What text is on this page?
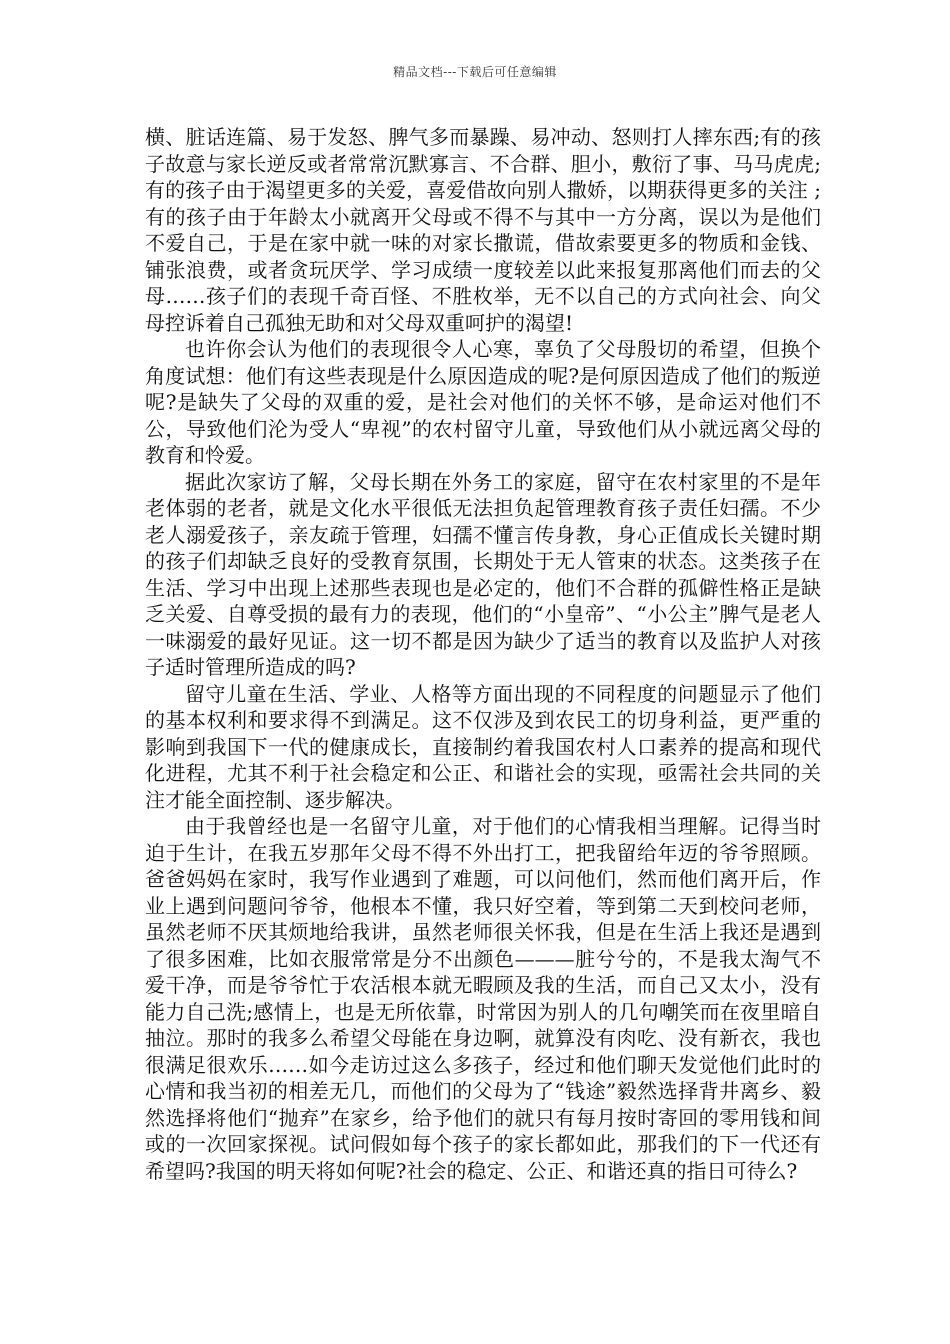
精品文档---下载后可任意编辑

横、脏话连篇、易于发怒、脾气多而暴躁、易冲动、怒则打人摔东西;有的孩子故意与家长逆反或者常常沉默寡言、不合群、胆小，敷衍了事、马马虎虎;有的孩子由于渴望更多的关爱，喜爱借故向别人撒娇，以期获得更多的关注 ;有的孩子由于年龄太小就离开父母或不得不与其中一方分离，误以为是他们不爱自己，于是在家中就一味的对家长撒谎，借故索要更多的物质和金钱、铺张浪费，或者贪玩厌学、学习成绩一度较差以此来报复那离他们而去的父母……孩子们的表现千奇百怪、不胜枚举，无不以自己的方式向社会、向父母控诉着自己孤独无助和对父母双重呵护的渴望!

也许你会认为他们的表现很令人心寒，辜负了父母殷切的希望，但换个角度试想：他们有这些表现是什么原因造成的呢?是何原因造成了他们的叛逆呢?是缺失了父母的双重的爱，是社会对他们的关怀不够，是命运对他们不公，导致他们沦为受人“卑视”的农村留守儿童，导致他们从小就远离父母的教育和怜爱。

据此次家访了解，父母长期在外务工的家庭，留守在农村家里的不是年老体弱的老者，就是文化水平很低无法担负起管理教育孩子责任妇孺。不少老人溺爱孩子，亲友疏于管理，妇孺不懂言传身教，身心正值成长关键时期的孩子们却缺乏良好的受教育氛围，长期处于无人管束的状态。这类孩子在生活、学习中出现上述那些表现也是必定的，他们不合群的孤僻性格正是缺乏关爱、自尊受损的最有力的表现，他们的“小皇帝”、“小公主”脾气是老人一味溺爱的最好见证。这一切不都是因为缺少了适当的教育以及监护人对孩子适时管理所造成的吗?

留守儿童在生活、学业、人格等方面出现的不同程度的问题显示了他们的基本权利和要求得不到满足。这不仅涉及到农民工的切身利益，更严重的影响到我国下一代的健康成长，直接制约着我国农村人口素养的提高和现代化进程，尤其不利于社会稳定和公正、和谐社会的实现，亟需社会共同的关注才能全面控制、逐步解决。

由于我曾经也是一名留守儿童，对于他们的心情我相当理解。记得当时迫于生计，在我五岁那年父母不得不外出打工，把我留给年迈的爷爷照顾。爸爸妈妈在家时，我写作业遇到了难题，可以问他们，然而他们离开后，作业上遇到问题问爷爷，他根本不懂，我只好空着，等到第二天到校问老师，虽然老师不厌其烦地给我讲，虽然老师很关怀我，但是在生活上我还是遇到了很多困难，比如衣服常常是分不出颜色———脏兮兮的，不是我太淘气不爱干净，而是爷爷忙于农活根本就无暇顾及我的生活，而自己又太小，没有能力自己洗;感情上，也是无所依靠，时常因为别人的几句嘲笑而在夜里暗自抽泣。那时的我多么希望父母能在身边啊，就算没有肉吃、没有新衣，我也很满足很欢乐……如今走访过这么多孩子，经过和他们聊天发觉他们此时的心情和我当初的相差无几，而他们的父母为了“钱途”毅然选择背井离乡、毅然选择将他们“抛弃”在家乡，给予他们的就只有每月按时寄回的零用钱和间或的一次回家探视。试问假如每个孩子的家长都如此，那我们的下一代还有希望吗?我国的明天将如何呢?社会的稳定、公正、和谐还真的指日可待么?
